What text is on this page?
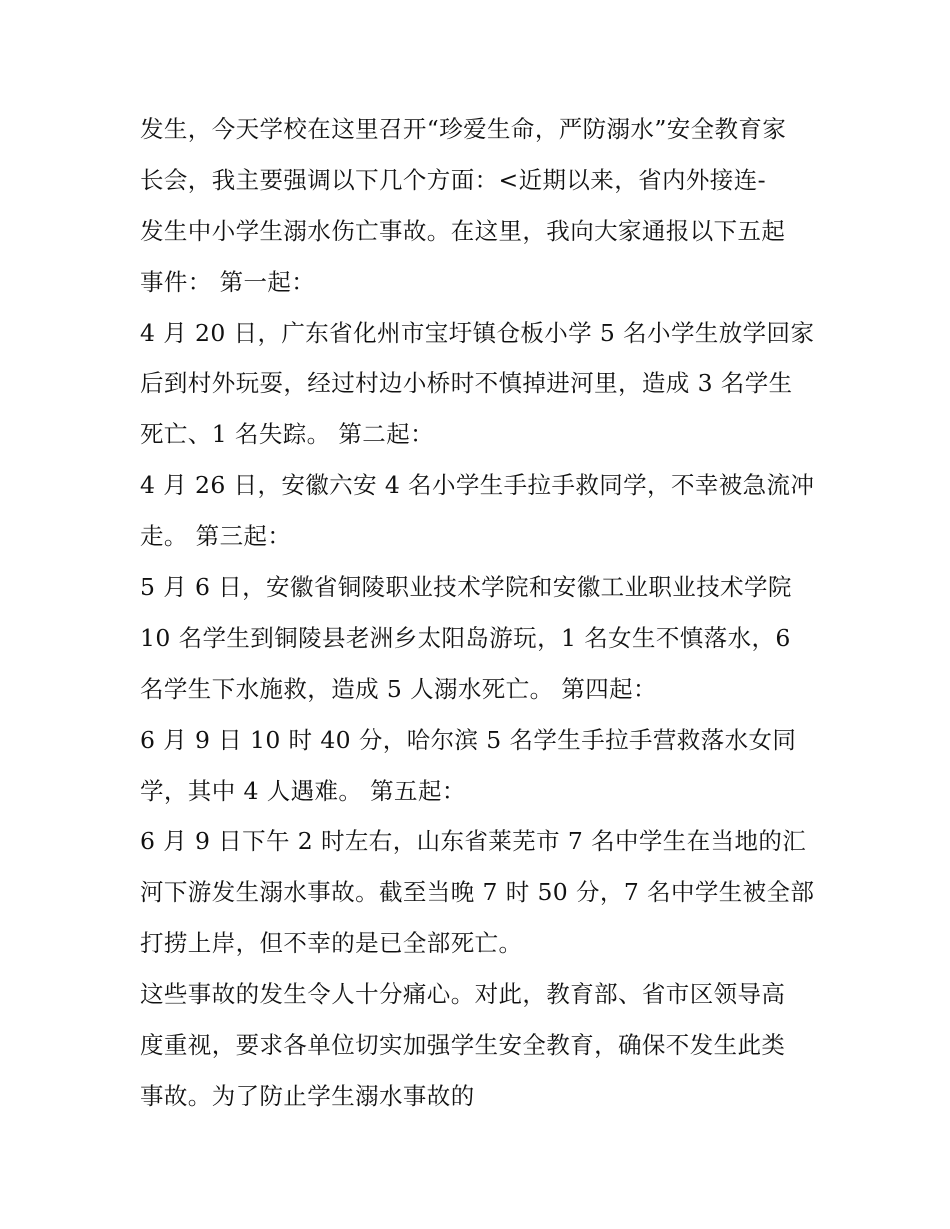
发生，今天学校在这里召开“珍爱生命，严防溺水”安全教育家
长会，我主要强调以下几个方面：<近期以来，省内外接连-
发生中小学生溺水伤亡事故。在这里，我向大家通报以下五起
事件： 第一起：
4 月 20 日，广东省化州市宝圩镇仓板小学 5 名小学生放学回家
后到村外玩耍，经过村边小桥时不慎掉进河里，造成 3 名学生
死亡、1 名失踪。 第二起：
4 月 26 日，安徽六安 4 名小学生手拉手救同学，不幸被急流冲
走。 第三起：
5 月 6 日，安徽省铜陵职业技术学院和安徽工业职业技术学院
10 名学生到铜陵县老洲乡太阳岛游玩，1 名女生不慎落水，6
名学生下水施救，造成 5 人溺水死亡。 第四起：
6 月 9 日 10 时 40 分，哈尔滨 5 名学生手拉手营救落水女同
学，其中 4 人遇难。 第五起：
6 月 9 日下午 2 时左右，山东省莱芜市 7 名中学生在当地的汇
河下游发生溺水事故。截至当晚 7 时 50 分，7 名中学生被全部
打捞上岸，但不幸的是已全部死亡。
这些事故的发生令人十分痛心。对此，教育部、省市区领导高
度重视，要求各单位切实加强学生安全教育，确保不发生此类
事故。为了防止学生溺水事故的
